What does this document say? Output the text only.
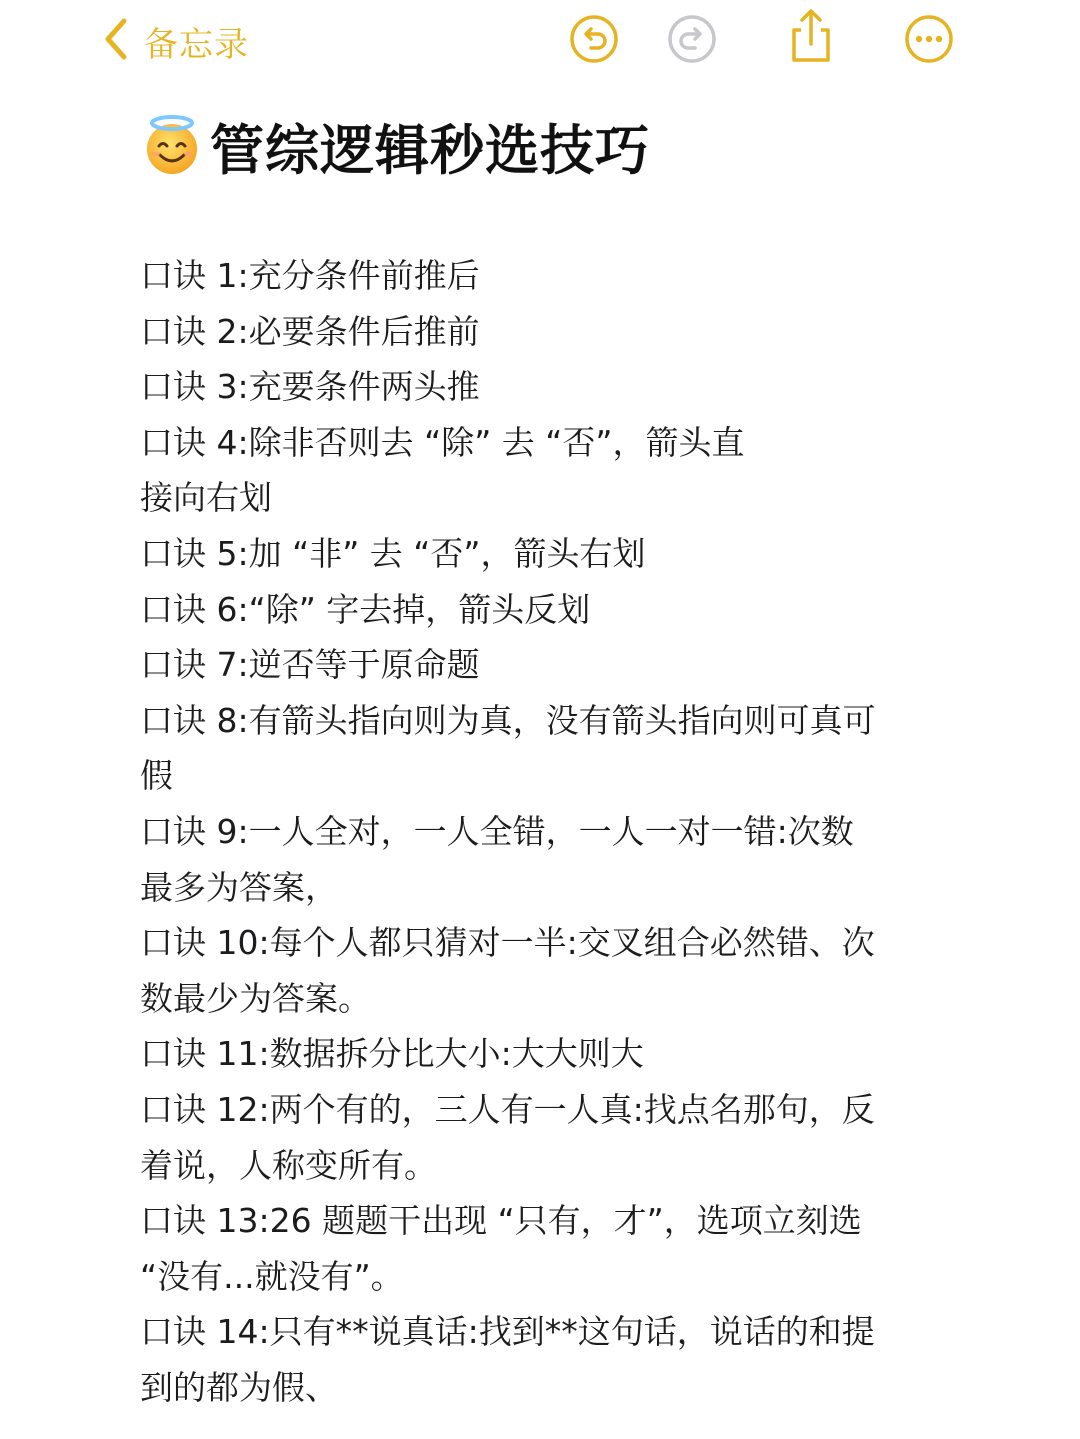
备忘录
管综逻辑秒选技巧
口诀 1:充分条件前推后
口诀 2:必要条件后推前
口诀 3:充要条件两头推
口诀 4:除非否则去 “除” 去 “否”，箭头直
接向右划
口诀 5:加 “非” 去 “否”，箭头右划
口诀 6:“除” 字去掉，箭头反划
口诀 7:逆否等于原命题
口诀 8:有箭头指向则为真，没有箭头指向则可真可
假
口诀 9:一人全对，一人全错，一人一对一错:次数
最多为答案，
口诀 10:每个人都只猜对一半:交叉组合必然错、次
数最少为答案。
口诀 11:数据拆分比大小:大大则大
口诀 12:两个有的，三人有一人真:找点名那句，反
着说，人称变所有。
口诀 13:26 题题干出现 “只有，才”，选项立刻选
“没有...就没有”。
口诀 14:只有**说真话:找到**这句话，说话的和提
到的都为假、
